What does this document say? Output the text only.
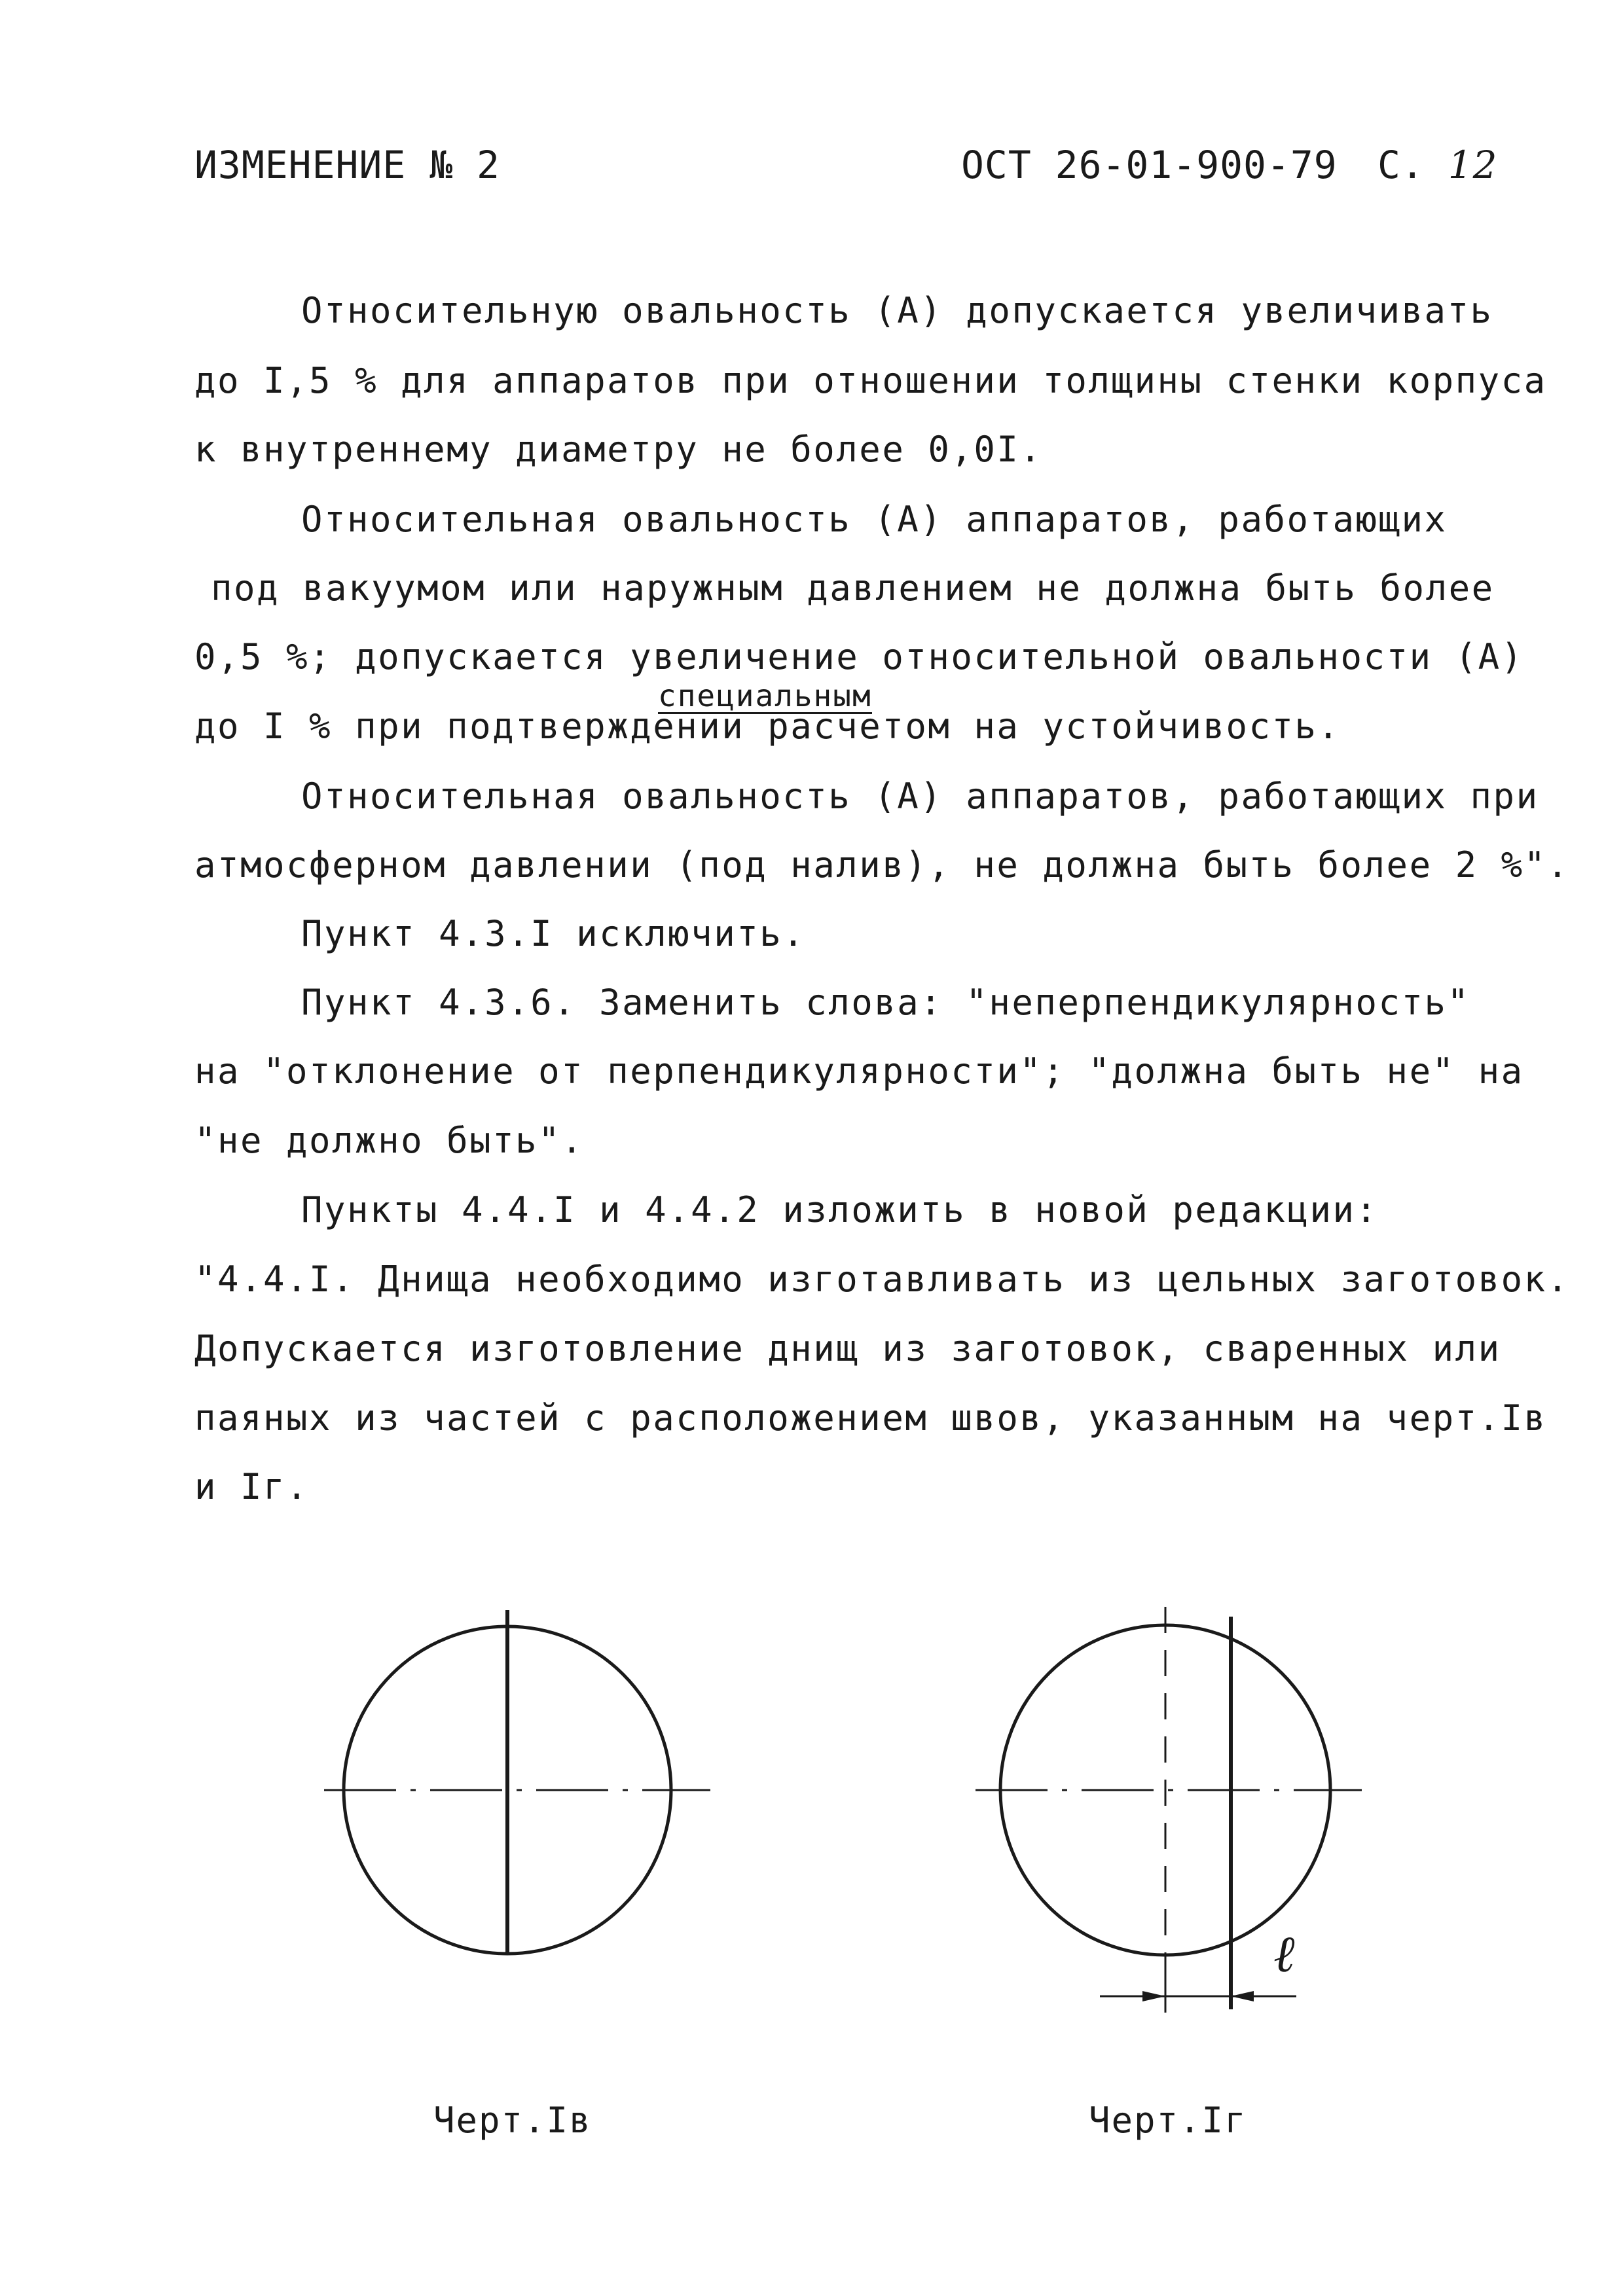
ИЗМЕНЕНИЕ № 2	ОСТ 26-01-900-79 С. 12
Относительную овальность (А) допускается увеличивать
до I,5 % для аппаратов при отношении толщины стенки корпуса
к внутреннему диаметру не более 0,0I.
Относительная овальность (А) аппаратов, работающих
под вакуумом или наружным давлением не должна быть более
0,5 %; допускается увеличение относительной овальности (А)
специальным
до I % при подтверждении расчетом на устойчивость.
Относительная овальность (А) аппаратов, работающих при
атмосферном давлении (под налив), не должна быть более 2 %".
Пункт 4.3.I исключить.
Пункт 4.3.6. Заменить слова: "неперпендикулярность"
на "отклонение от перпендикулярности"; "должна быть не" на
"не должно быть".
Пункты 4.4.I и 4.4.2 изложить в новой редакции:
"4.4.I. Днища необходимо изготавливать из цельных заготовок.
Допускается изготовление днищ из заготовок, сваренных или
паяных из частей с расположением швов, указанным на черт.Iв
и Iг.
ℓ
Черт.Iв	Черт.Iг
